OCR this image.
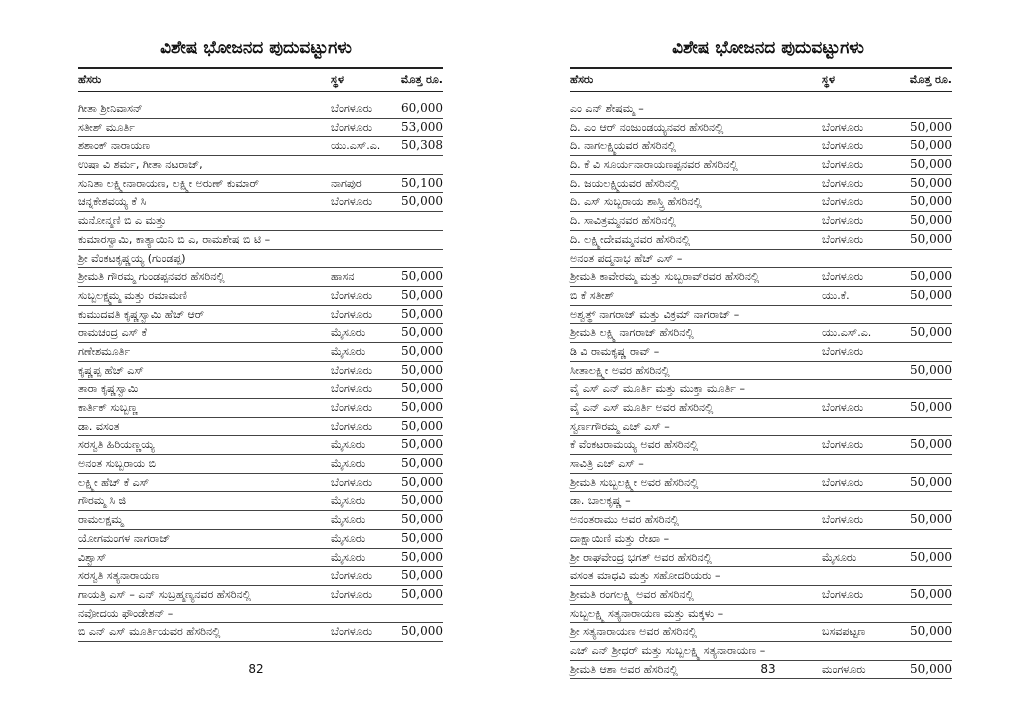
ವಿಶೇಷ ಭೋಜನದ ಪುದುವಟ್ಟುಗಳು
ಹೆಸರು	ಸ್ಥಳ	ಮೊತ್ತ ರೂ.
ಗೀತಾ ಶ್ರೀನಿವಾಸನ್	ಬೆಂಗಳೂರು 60,000
ಸತೀಶ್ ಮೂರ್ತಿ	ಬೆಂಗಳೂರು 53,000
ಶಶಾಂಕ್ ನಾರಾಯಣ	ಯು.ಎಸ್.ಎ. 50,308
ಉಷಾ ವಿ ಶರ್ಮ, ಗೀತಾ ನಟರಾಜ್,
ಸುನಿತಾ ಲಕ್ಷ್ಮೀನಾರಾಯಣ, ಲಕ್ಷ್ಮೀ ಅರುಣ್ ಕುಮಾರ್	ನಾಗಪುರ	50,100
ಚನ್ನಕೇಶವಯ್ಯ ಕೆ ಸಿ	ಬೆಂಗಳೂರು 50,000
ಮನೋನ್ಮಣಿ ಬಿ ಎ ಮತ್ತು
ಕುಮಾರಸ್ವಾಮಿ, ಕಾತ್ಯಾಯಿನಿ ಬಿ ಎ, ರಾಮಶೇಷ ಬಿ ಟಿ –
ಶ್ರೀ ವೆಂಕಟಕೃಷ್ಣಯ್ಯ (ಗುಂಡಪ್ಪ)
ಶ್ರೀಮತಿ ಗೌರಮ್ಮ ಗುಂಡಪ್ಪನವರ ಹೆಸರಿನಲ್ಲಿ	ಹಾಸನ	50,000
ಸುಬ್ಬಲಕ್ಷ್ಮಮ್ಮ ಮತ್ತು ರಮಾಮಣಿ	ಬೆಂಗಳೂರು 50,000
ಕುಮುದವತಿ ಕೃಷ್ಣಸ್ವಾಮಿ ಹೆಚ್ ಆರ್	ಬೆಂಗಳೂರು 50,000
ರಾಮಚಂದ್ರ ಎಸ್ ಕೆ	ಮೈಸೂರು	50,000
ಗಣೇಶಮೂರ್ತಿ	ಮೈಸೂರು	50,000
ಕೃಷ್ಣಪ್ಪ ಹೆಚ್ ಎಸ್	ಬೆಂಗಳೂರು 50,000
ತಾರಾ ಕೃಷ್ಣಸ್ವಾಮಿ	ಬೆಂಗಳೂರು 50,000
ಕಾರ್ತಿಕ್ ಸುಬ್ಬಣ್ಣ	ಬೆಂಗಳೂರು 50,000
ಡಾ. ವಸಂತ	ಬೆಂಗಳೂರು 50,000
ಸರಸ್ವತಿ ಹಿರಿಯಣ್ಣಯ್ಯ	ಮೈಸೂರು	50,000
ಅನಂತ ಸುಬ್ಬರಾಯ ಬಿ	ಮೈಸೂರು	50,000
ಲಕ್ಷ್ಮೀ ಹೆಚ್ ಕೆ ಎಸ್	ಬೆಂಗಳೂರು 50,000
ಗೌರಮ್ಮ ಸಿ ಜಿ	ಮೈಸೂರು	50,000
ರಾಮಲಕ್ಷಮ್ಮ	ಮೈಸೂರು	50,000
ಯೋಗಮಂಗಳ ನಾಗರಾಜ್	ಮೈಸೂರು	50,000
ವಿಶ್ವಾಸ್	ಮೈಸೂರು	50,000
ಸರಸ್ವತಿ ಸತ್ಯನಾರಾಯಣ	ಬೆಂಗಳೂರು 50,000
ಗಾಯತ್ರಿ ಎಸ್ – ಎನ್ ಸುಬ್ರಹ್ಮಣ್ಯನವರ ಹೆಸರಿನಲ್ಲಿ	ಬೆಂಗಳೂರು 50,000
ನವೋದಯ ಫೌಂಡೇಶನ್ –
ಬಿ ಎನ್ ಎಸ್ ಮೂರ್ತಿಯವರ ಹೆಸರಿನಲ್ಲಿ	ಬೆಂಗಳೂರು 50,000
82
ವಿಶೇಷ ಭೋಜನದ ಪುದುವಟ್ಟುಗಳು
ಹೆಸರು	ಸ್ಥಳ	ಮೊತ್ತ ರೂ.
ಎಂ ಎನ್ ಶೇಷಮ್ಮ –
ದಿ. ಎಂ ಆರ್ ನಂಜುಂಡಯ್ಯನವರ ಹೆಸರಿನಲ್ಲಿ	ಬೆಂಗಳೂರು	50,000
ದಿ. ನಾಗಲಕ್ಷ್ಮಿಯವರ ಹೆಸರಿನಲ್ಲಿ	ಬೆಂಗಳೂರು	50,000
ದಿ. ಕೆ ವಿ ಸೂರ್ಯನಾರಾಯಣಪ್ಪನವರ ಹೆಸರಿನಲ್ಲಿ	ಬೆಂಗಳೂರು	50,000
ದಿ. ಜಯಲಕ್ಷ್ಮಿಯವರ ಹೆಸರಿನಲ್ಲಿ	ಬೆಂಗಳೂರು	50,000
ದಿ. ಎಸ್ ಸುಬ್ಬರಾಯ ಶಾಸ್ತ್ರಿ ಹೆಸರಿನಲ್ಲಿ	ಬೆಂಗಳೂರು	50,000
ದಿ. ಸಾವಿತ್ರಮ್ಮನವರ ಹೆಸರಿನಲ್ಲಿ	ಬೆಂಗಳೂರು	50,000
ದಿ. ಲಕ್ಷ್ಮೀದೇವಮ್ಮನವರ ಹೆಸರಿನಲ್ಲಿ	ಬೆಂಗಳೂರು	50,000
ಅನಂತ ಪದ್ಮನಾಭ ಹೆಚ್ ಎಸ್ –
ಶ್ರೀಮತಿ ಕಾವೇರಮ್ಮ ಮತ್ತು ಸುಬ್ಬರಾವ್‌ರವರ ಹೆಸರಿನಲ್ಲಿ	ಬೆಂಗಳೂರು	50,000
ಬಿ ಕೆ ಸತೀಶ್	ಯು.ಕೆ.	50,000
ಅಶ್ವತ್ಥ್ ನಾಗರಾಜ್ ಮತ್ತು ವಿಕ್ರಮ್ ನಾಗರಾಜ್ –
ಶ್ರೀಮತಿ ಲಕ್ಷ್ಮಿ ನಾಗರಾಜ್ ಹೆಸರಿನಲ್ಲಿ	ಯು.ಎಸ್.ಎ.	50,000
ಡಿ ವಿ ರಾಮಕೃಷ್ಣ ರಾವ್ –	ಬೆಂಗಳೂರು
ಸೀತಾಲಕ್ಷ್ಮೀ ಅವರ ಹೆಸರಿನಲ್ಲಿ	50,000
ವೈ ಎಸ್ ಎನ್ ಮೂರ್ತಿ ಮತ್ತು ಮುಕ್ತಾ ಮೂರ್ತಿ –
ವೈ ಎನ್ ಎಸ್ ಮೂರ್ತಿ ಅವರ ಹೆಸರಿನಲ್ಲಿ	ಬೆಂಗಳೂರು	50,000
ಸ್ವರ್ಣಗೌರಮ್ಮ ಎಚ್ ಎಸ್ –
ಕೆ ವೆಂಕಟರಾಮಯ್ಯ ಅವರ ಹೆಸರಿನಲ್ಲಿ	ಬೆಂಗಳೂರು	50,000
ಸಾವಿತ್ರಿ ಎಚ್ ಎಸ್ –
ಶ್ರೀಮತಿ ಸುಬ್ಬಲಕ್ಷ್ಮೀ ಅವರ ಹೆಸರಿನಲ್ಲಿ	ಬೆಂಗಳೂರು	50,000
ಡಾ. ಬಾಲಕೃಷ್ಣ –
ಅನಂತರಾಮು ಅವರ ಹೆಸರಿನಲ್ಲಿ	ಬೆಂಗಳೂರು	50,000
ದಾಕ್ಷಾಯಿಣಿ ಮತ್ತು ರೇಖಾ –
ಶ್ರೀ ರಾಘವೇಂದ್ರ ಭಗತ್ ಅವರ ಹೆಸರಿನಲ್ಲಿ	ಮೈಸೂರು	50,000
ವಸಂತ ಮಾಧವಿ ಮತ್ತು ಸಹೋದರಿಯರು –
ಶ್ರೀಮತಿ ರಂಗಲಕ್ಷ್ಮಿ ಅವರ ಹೆಸರಿನಲ್ಲಿ	ಬೆಂಗಳೂರು	50,000
ಸುಬ್ಬಲಕ್ಷ್ಮಿ ಸತ್ಯನಾರಾಯಣ ಮತ್ತು ಮಕ್ಕಳು –
ಶ್ರೀ ಸತ್ಯನಾರಾಯಣ ಅವರ ಹೆಸರಿನಲ್ಲಿ	ಬಸವಪಟ್ಟಣ	50,000
ಎಚ್ ಎನ್ ಶ್ರೀಧರ್ ಮತ್ತು ಸುಬ್ಬಲಕ್ಷ್ಮಿ ಸತ್ಯನಾರಾಯಣ –
ಶ್ರೀಮತಿ ಆಶಾ ಅವರ ಹೆಸರಿನಲ್ಲಿ	ಮಂಗಳೂರು	50,000
83
